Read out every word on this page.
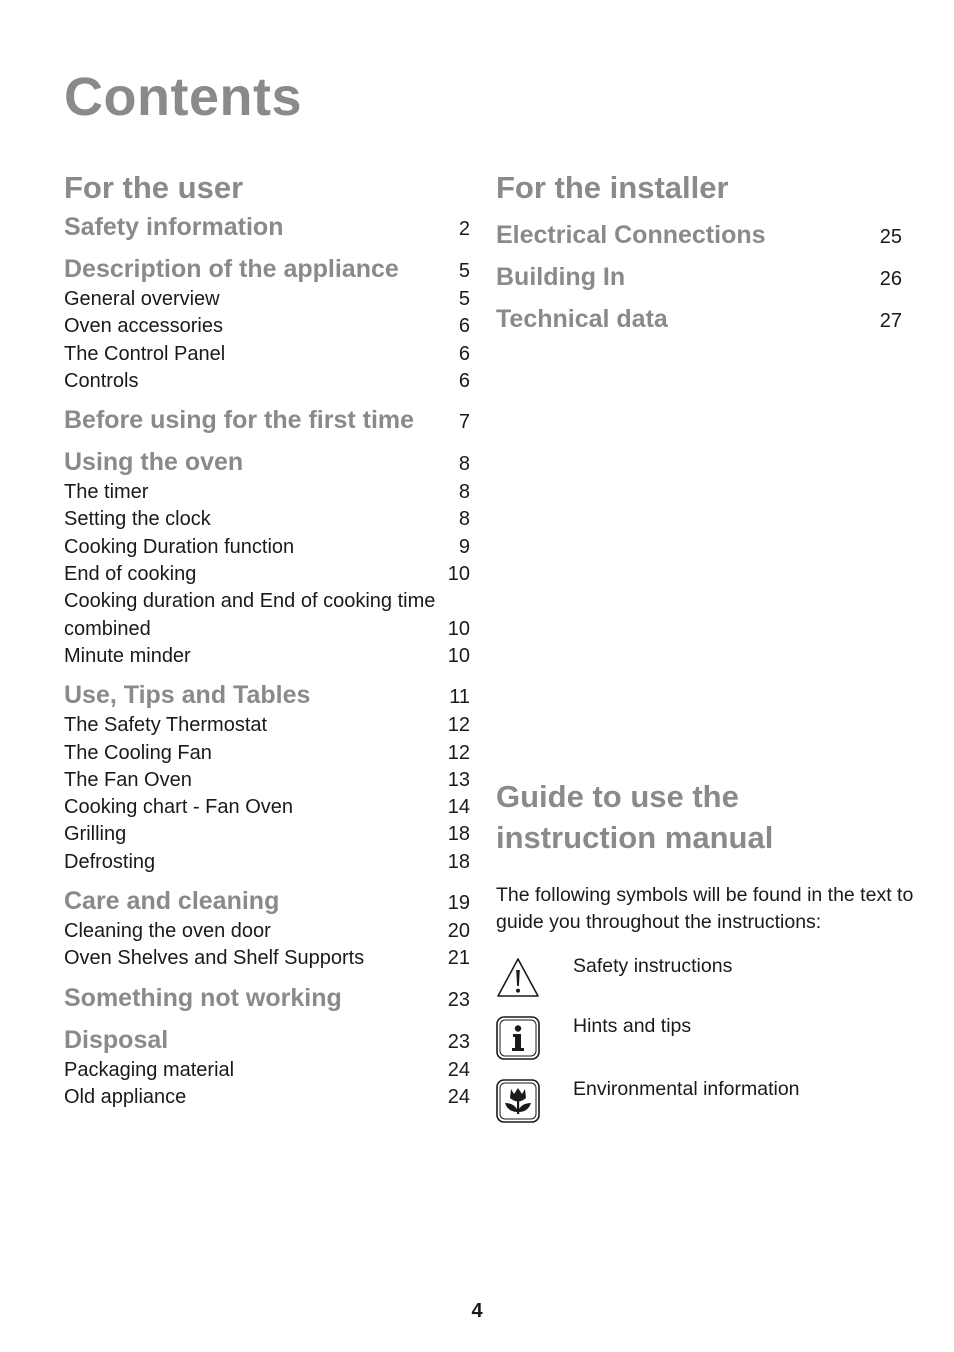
Contents
For the user
Safety information	2
Description of the appliance	5
General overview	5
Oven accessories	6
The Control Panel	6
Controls	6
Before using for the first time	7
Using the oven	8
The timer	8
Setting the clock	8
Cooking Duration function	9
End of cooking	10
Cooking duration and End of cooking time
combined	10
Minute minder	10
Use, Tips and Tables	11
The Safety Thermostat	12
The Cooling Fan	12
The Fan Oven	13
Cooking chart - Fan Oven	14
Grilling	18
Defrosting	18
Care and cleaning	19
Cleaning the oven door	20
Oven Shelves and Shelf Supports	21
Something not working	23
Disposal	23
Packaging material	24
Old appliance	24
For the installer
Electrical Connections	25
Building In	26
Technical data	27
Guide to use the
instruction manual
The following symbols will be found in the text to guide you throughout the instructions:
Safety instructions
Hints and tips
Environmental information
4
